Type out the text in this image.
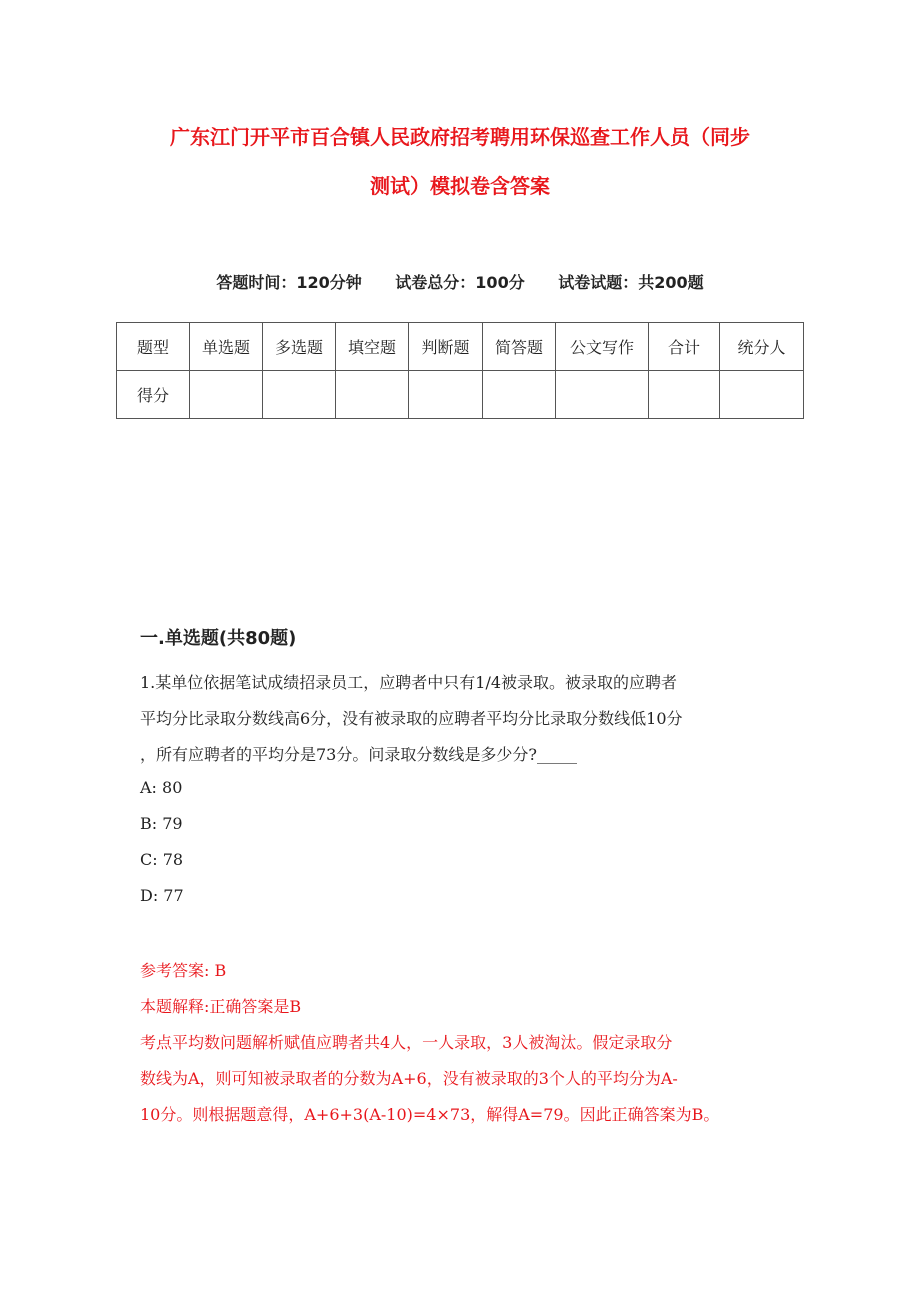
广东江门开平市百合镇人民政府招考聘用环保巡查工作人员（同步
测试）模拟卷含答案
答题时间：120分钟 试卷总分：100分 试卷试题：共200题
题型	单选题	多选题	填空题	判断题	简答题	公文写作	合计	统分人
得分								
一.单选题(共80题)
1.某单位依据笔试成绩招录员工，应聘者中只有1/4被录取。被录取的应聘者
平均分比录取分数线高6分，没有被录取的应聘者平均分比录取分数线低10分
，所有应聘者的平均分是73分。问录取分数线是多少分?_____
A: 80
B: 79
C: 78
D: 77
参考答案: B
本题解释:正确答案是B
考点平均数问题解析赋值应聘者共4人，一人录取，3人被淘汰。假定录取分
数线为A，则可知被录取者的分数为A+6，没有被录取的3个人的平均分为A-
10分。则根据题意得，A+6+3(A-10)=4×73，解得A=79。因此正确答案为B。
